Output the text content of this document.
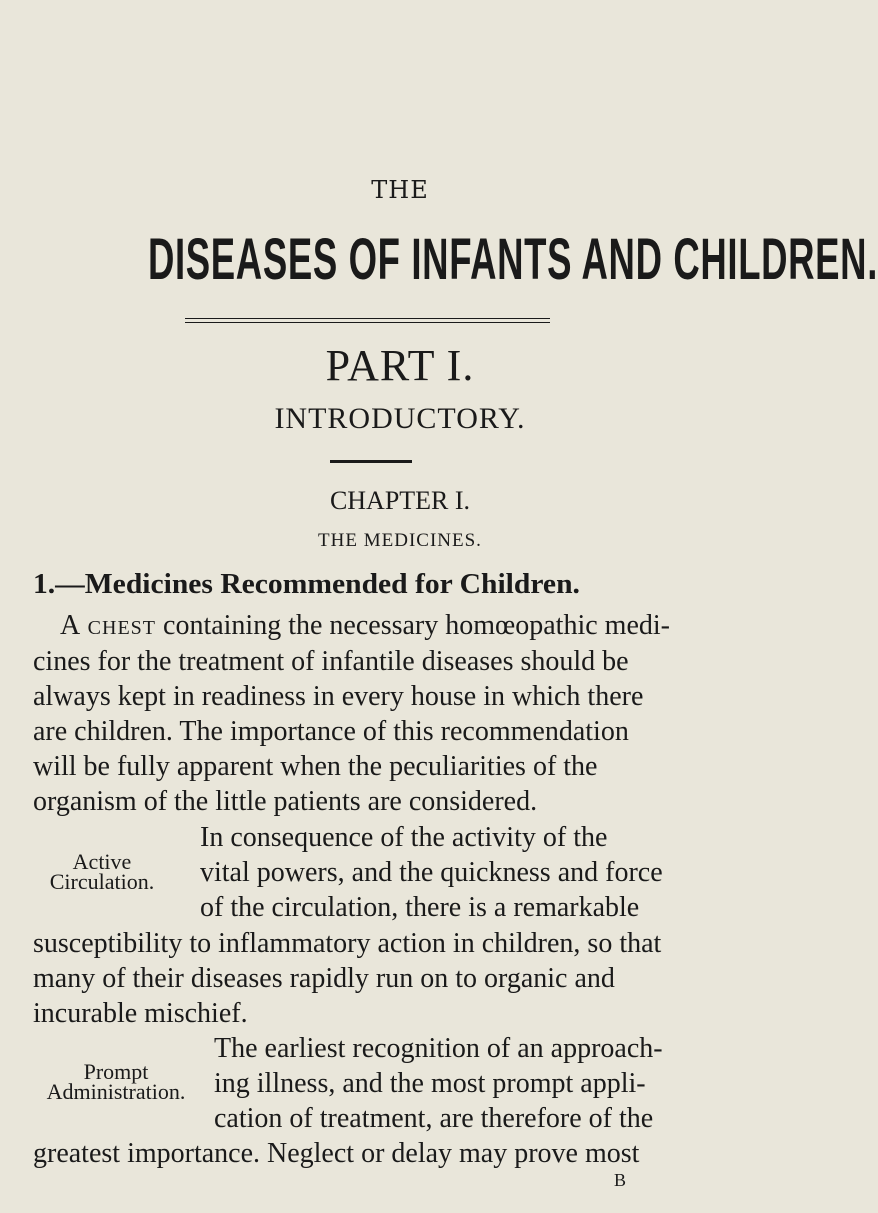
THE
DISEASES OF INFANTS AND CHILDREN.
PART I.
INTRODUCTORY.
CHAPTER I.
THE MEDICINES.
1.—Medicines Recommended for Children.
A chest containing the necessary homœopathic medi-
cines for the treatment of infantile diseases should be
always kept in readiness in every house in which there
are children. The importance of this recommendation
will be fully apparent when the peculiarities of the
organism of the little patients are considered.
Active
Circulation.
In consequence of the activity of the
vital powers, and the quickness and force
of the circulation, there is a remarkable
susceptibility to inflammatory action in children, so that
many of their diseases rapidly run on to organic and
incurable mischief.
Prompt
Administration.
The earliest recognition of an approach-
ing illness, and the most prompt appli-
cation of treatment, are therefore of the
greatest importance. Neglect or delay may prove most
B
